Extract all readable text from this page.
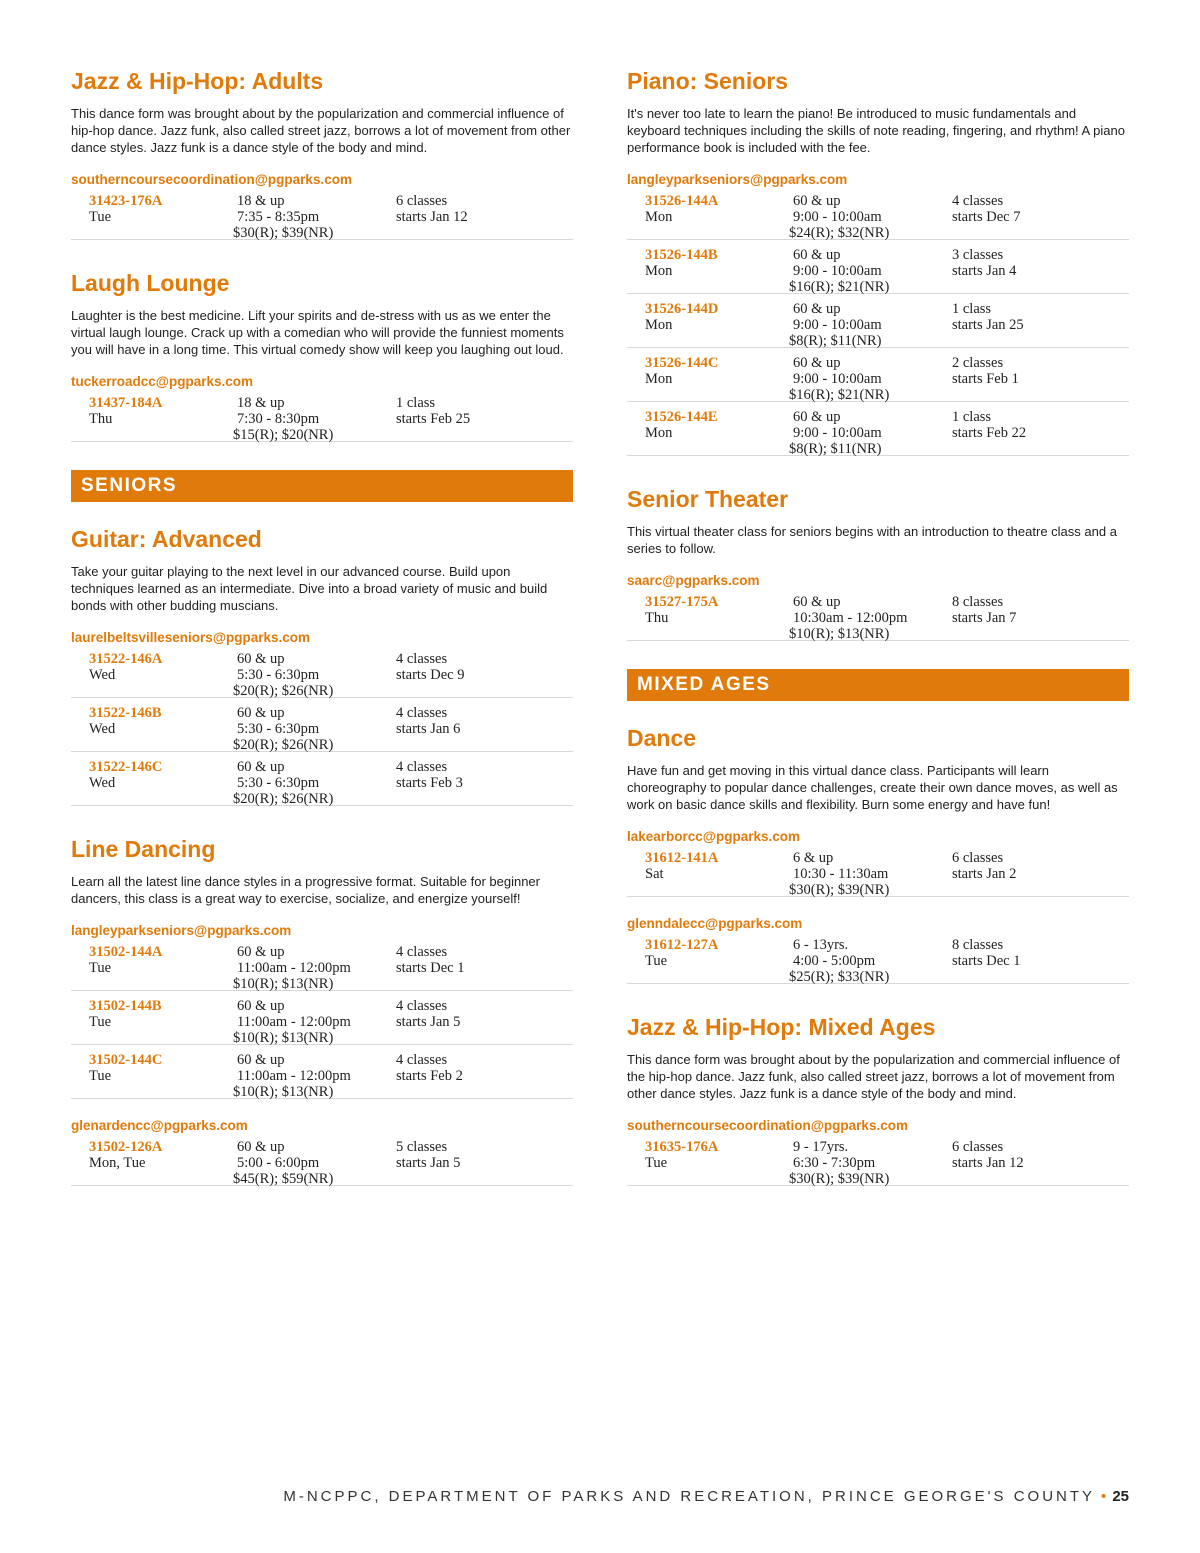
Jazz & Hip-Hop: Adults

This dance form was brought about by the popularization and commercial influence of hip-hop dance. Jazz funk, also called street jazz, borrows a lot of movement from other dance styles. Jazz funk is a dance style of the body and mind.

southerncoursecoordination@pgparks.com
31423-176A
Tue
18 & up
7:35 - 8:35pm
$30(R); $39(NR)
6 classes
starts Jan 12
Laugh Lounge

Laughter is the best medicine. Lift your spirits and de-stress with us as we enter the virtual laugh lounge. Crack up with a comedian who will provide the funniest moments you will have in a long time. This virtual comedy show will keep you laughing out loud.

tuckerroadcc@pgparks.com
31437-184A
Thu
18 & up
7:30 - 8:30pm
$15(R); $20(NR)
1 class
starts Feb 25
SENIORS
Guitar: Advanced

Take your guitar playing to the next level in our advanced course. Build upon techniques learned as an intermediate. Dive into a broad variety of music and build bonds with other budding muscians.

laurelbeltsvilleseniors@pgparks.com
31522-146A
Wed
60 & up
5:30 - 6:30pm
$20(R); $26(NR)
4 classes
starts Dec 9
31522-146B
Wed
60 & up
5:30 - 6:30pm
$20(R); $26(NR)
4 classes
starts Jan 6
31522-146C
Wed
60 & up
5:30 - 6:30pm
$20(R); $26(NR)
4 classes
starts Feb 3
Line Dancing

Learn all the latest line dance styles in a progressive format. Suitable for beginner dancers, this class is a great way to exercise, socialize, and energize yourself!

langleyparkseniors@pgparks.com
31502-144A
Tue
60 & up
11:00am - 12:00pm
$10(R); $13(NR)
4 classes
starts Dec 1
31502-144B
Tue
60 & up
11:00am - 12:00pm
$10(R); $13(NR)
4 classes
starts Jan 5
31502-144C
Tue
60 & up
11:00am - 12:00pm
$10(R); $13(NR)
4 classes
starts Feb 2
glenardencc@pgparks.com
31502-126A
Mon, Tue
60 & up
5:00 - 6:00pm
$45(R); $59(NR)
5 classes
starts Jan 5
Piano: Seniors

It's never too late to learn the piano! Be introduced to music fundamentals and keyboard techniques including the skills of note reading, fingering, and rhythm! A piano performance book is included with the fee.

langleyparkseniors@pgparks.com
31526-144A
Mon
60 & up
9:00 - 10:00am
$24(R); $32(NR)
4 classes
starts Dec 7
31526-144B
Mon
60 & up
9:00 - 10:00am
$16(R); $21(NR)
3 classes
starts Jan 4
31526-144D
Mon
60 & up
9:00 - 10:00am
$8(R); $11(NR)
1 class
starts Jan 25
31526-144C
Mon
60 & up
9:00 - 10:00am
$16(R); $21(NR)
2 classes
starts Feb 1
31526-144E
Mon
60 & up
9:00 - 10:00am
$8(R); $11(NR)
1 class
starts Feb 22
Senior Theater

This virtual theater class for seniors begins with an introduction to theatre class and a series to follow.

saarc@pgparks.com
31527-175A
Thu
60 & up
10:30am - 12:00pm
$10(R); $13(NR)
8 classes
starts Jan 7
MIXED AGES
Dance

Have fun and get moving in this virtual dance class. Participants will learn choreography to popular dance challenges, create their own dance moves, as well as work on basic dance skills and flexibility. Burn some energy and have fun!

lakearborcc@pgparks.com
31612-141A
Sat
6 & up
10:30 - 11:30am
$30(R); $39(NR)
6 classes
starts Jan 2
glenndalecc@pgparks.com
31612-127A
Tue
6 - 13yrs.
4:00 - 5:00pm
$25(R); $33(NR)
8 classes
starts Dec 1
Jazz & Hip-Hop: Mixed Ages

This dance form was brought about by the popularization and commercial influence of the hip-hop dance. Jazz funk, also called street jazz, borrows a lot of movement from other dance styles. Jazz funk is a dance style of the body and mind.

southerncoursecoordination@pgparks.com
31635-176A
Tue
9 - 17yrs.
6:30 - 7:30pm
$30(R); $39(NR)
6 classes
starts Jan 12
M-NCPPC, DEPARTMENT OF PARKS AND RECREATION, PRINCE GEORGE'S COUNTY • 25
